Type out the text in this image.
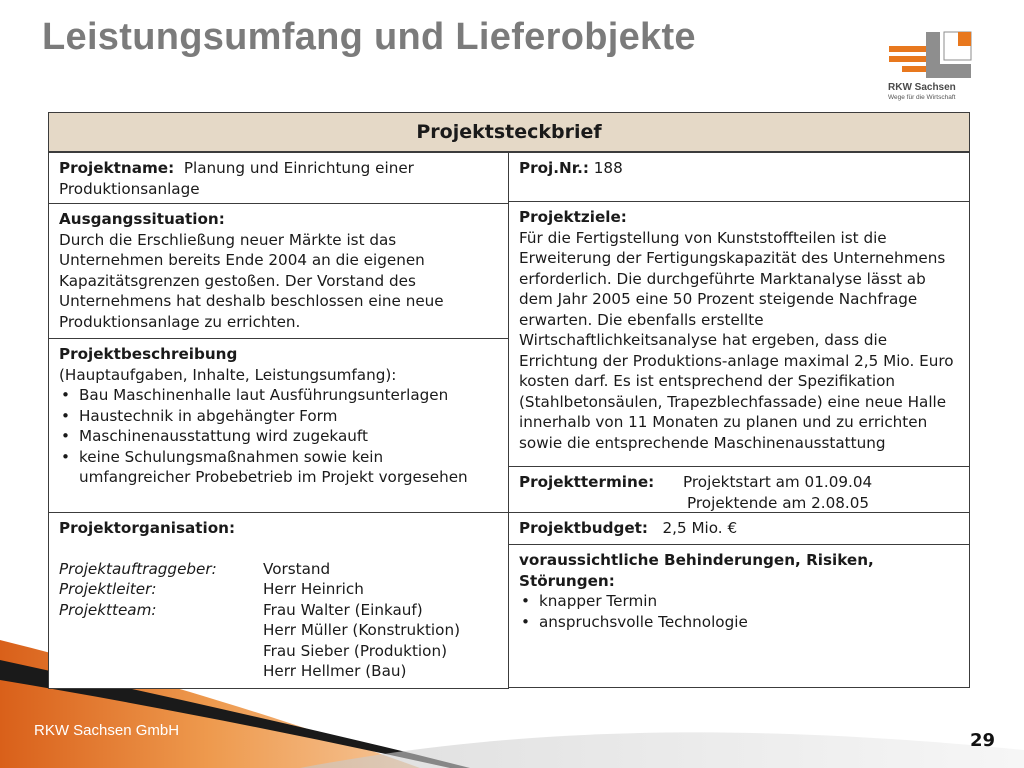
Leistungsumfang und Lieferobjekte
RKW Sachsen
Wege für die Wirtschaft
Projektsteckbrief
Projektname: Planung und Einrichtung einer Produktionsanlage
Ausgangssituation:
Durch die Erschließung neuer Märkte ist das Unternehmen bereits Ende 2004 an die eigenen Kapazitätsgrenzen gestoßen. Der Vorstand des Unternehmens hat deshalb beschlossen eine neue Produktionsanlage zu errichten.
Projektbeschreibung
(Hauptaufgaben, Inhalte, Leistungsumfang):
• Bau Maschinenhalle laut Ausführungsunterlagen
• Haustechnik in abgehängter Form
• Maschinenausstattung wird zugekauft
• keine Schulungsmaßnahmen sowie kein umfangreicher Probebetrieb im Projekt vorgesehen
Projektorganisation:
Projektauftraggeber:	Vorstand
Projektleiter:	Herr Heinrich
Projektteam:	Frau Walter (Einkauf)
Herr Müller (Konstruktion)
Frau Sieber (Produktion)
Herr Hellmer (Bau)
Proj.Nr.: 188
Projektziele:
Für die Fertigstellung von Kunststoffteilen ist die Erweiterung der Fertigungskapazität des Unternehmens erforderlich. Die durchgeführte Marktanalyse lässt ab dem Jahr 2005 eine 50 Prozent steigende Nachfrage erwarten. Die ebenfalls erstellte Wirtschaftlichkeitsanalyse hat ergeben, dass die Errichtung der Produktions-anlage maximal 2,5 Mio. Euro kosten darf. Es ist entsprechend der Spezifikation (Stahlbetonsäulen, Trapezblechfassade) eine neue Halle innerhalb von 11 Monaten zu planen und zu errichten sowie die entsprechende Maschinenausstattung
Projekttermine:	Projektstart am 01.09.04
Projektende am 2.08.05
Projektbudget: 2,5 Mio. €
voraussichtliche Behinderungen, Risiken, Störungen:
• knapper Termin
• anspruchsvolle Technologie
RKW Sachsen GmbH	29
